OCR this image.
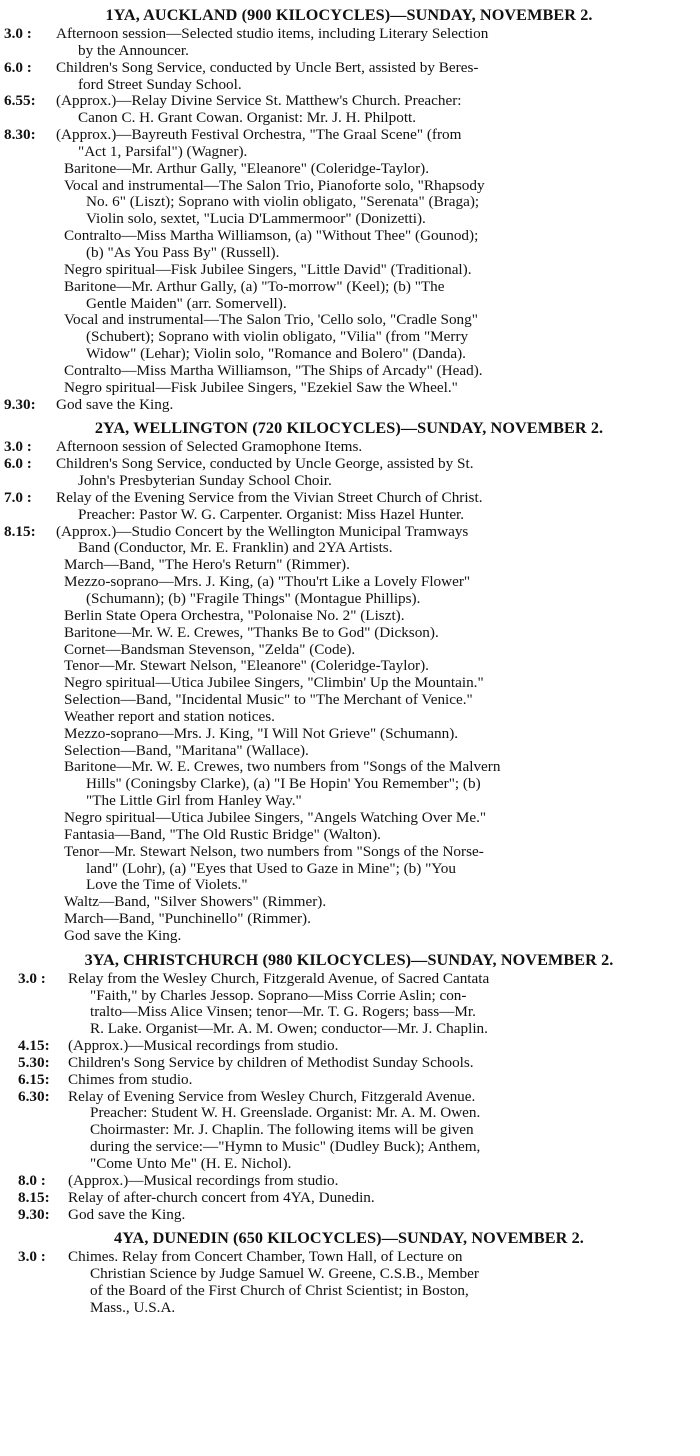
1YA, AUCKLAND (900 KILOCYCLES)—SUNDAY, NOVEMBER 2.
3.0 :	Afternoon session—Selected studio items, including Literary Selection
by the Announcer.
6.0 :	Children's Song Service, conducted by Uncle Bert, assisted by Beres-
ford Street Sunday School.
6.55:	(Approx.)—Relay Divine Service St. Matthew's Church. Preacher:
Canon C. H. Grant Cowan. Organist: Mr. J. H. Philpott.
8.30:	(Approx.)—Bayreuth Festival Orchestra, "The Graal Scene" (from
"Act 1, Parsifal") (Wagner).
Baritone—Mr. Arthur Gally, "Eleanore" (Coleridge-Taylor).
Vocal and instrumental—The Salon Trio, Pianoforte solo, "Rhapsody
No. 6" (Liszt); Soprano with violin obligato, "Serenata" (Braga);
Violin solo, sextet, "Lucia D'Lammermoor" (Donizetti).
Contralto—Miss Martha Williamson, (a) "Without Thee" (Gounod);
(b) "As You Pass By" (Russell).
Negro spiritual—Fisk Jubilee Singers, "Little David" (Traditional).
Baritone—Mr. Arthur Gally, (a) "To-morrow" (Keel); (b) "The
Gentle Maiden" (arr. Somervell).
Vocal and instrumental—The Salon Trio, 'Cello solo, "Cradle Song"
(Schubert); Soprano with violin obligato, "Vilia" (from "Merry
Widow" (Lehar); Violin solo, "Romance and Bolero" (Danda).
Contralto—Miss Martha Williamson, "The Ships of Arcady" (Head).
Negro spiritual—Fisk Jubilee Singers, "Ezekiel Saw the Wheel."
9.30:	God save the King.
2YA, WELLINGTON (720 KILOCYCLES)—SUNDAY, NOVEMBER 2.
3.0 :	Afternoon session of Selected Gramophone Items.
6.0 :	Children's Song Service, conducted by Uncle George, assisted by St.
John's Presbyterian Sunday School Choir.
7.0 :	Relay of the Evening Service from the Vivian Street Church of Christ.
Preacher: Pastor W. G. Carpenter. Organist: Miss Hazel Hunter.
8.15:	(Approx.)—Studio Concert by the Wellington Municipal Tramways
Band (Conductor, Mr. E. Franklin) and 2YA Artists.
March—Band, "The Hero's Return" (Rimmer).
Mezzo-soprano—Mrs. J. King, (a) "Thou'rt Like a Lovely Flower"
(Schumann); (b) "Fragile Things" (Montague Phillips).
Berlin State Opera Orchestra, "Polonaise No. 2" (Liszt).
Baritone—Mr. W. E. Crewes, "Thanks Be to God" (Dickson).
Cornet—Bandsman Stevenson, "Zelda" (Code).
Tenor—Mr. Stewart Nelson, "Eleanore" (Coleridge-Taylor).
Negro spiritual—Utica Jubilee Singers, "Climbin' Up the Mountain."
Selection—Band, "Incidental Music" to "The Merchant of Venice."
Weather report and station notices.
Mezzo-soprano—Mrs. J. King, "I Will Not Grieve" (Schumann).
Selection—Band, "Maritana" (Wallace).
Baritone—Mr. W. E. Crewes, two numbers from "Songs of the Malvern
Hills" (Coningsby Clarke), (a) "I Be Hopin' You Remember"; (b)
"The Little Girl from Hanley Way."
Negro spiritual—Utica Jubilee Singers, "Angels Watching Over Me."
Fantasia—Band, "The Old Rustic Bridge" (Walton).
Tenor—Mr. Stewart Nelson, two numbers from "Songs of the Norse-
land" (Lohr), (a) "Eyes that Used to Gaze in Mine"; (b) "You
Love the Time of Violets."
Waltz—Band, "Silver Showers" (Rimmer).
March—Band, "Punchinello" (Rimmer).
God save the King.
3YA, CHRISTCHURCH (980 KILOCYCLES)—SUNDAY, NOVEMBER 2.
3.0 :	Relay from the Wesley Church, Fitzgerald Avenue, of Sacred Cantata
"Faith," by Charles Jessop. Soprano—Miss Corrie Aslin; con-
tralto—Miss Alice Vinsen; tenor—Mr. T. G. Rogers; bass—Mr.
R. Lake. Organist—Mr. A. M. Owen; conductor—Mr. J. Chaplin.
4.15:	(Approx.)—Musical recordings from studio.
5.30:	Children's Song Service by children of Methodist Sunday Schools.
6.15:	Chimes from studio.
6.30:	Relay of Evening Service from Wesley Church, Fitzgerald Avenue.
Preacher: Student W. H. Greenslade. Organist: Mr. A. M. Owen.
Choirmaster: Mr. J. Chaplin. The following items will be given
during the service:—"Hymn to Music" (Dudley Buck); Anthem,
"Come Unto Me" (H. E. Nichol).
8.0 :	(Approx.)—Musical recordings from studio.
8.15:	Relay of after-church concert from 4YA, Dunedin.
9.30:	God save the King.
4YA, DUNEDIN (650 KILOCYCLES)—SUNDAY, NOVEMBER 2.
3.0 :	Chimes. Relay from Concert Chamber, Town Hall, of Lecture on
Christian Science by Judge Samuel W. Greene, C.S.B., Member
of the Board of the First Church of Christ Scientist; in Boston,
Mass., U.S.A.
